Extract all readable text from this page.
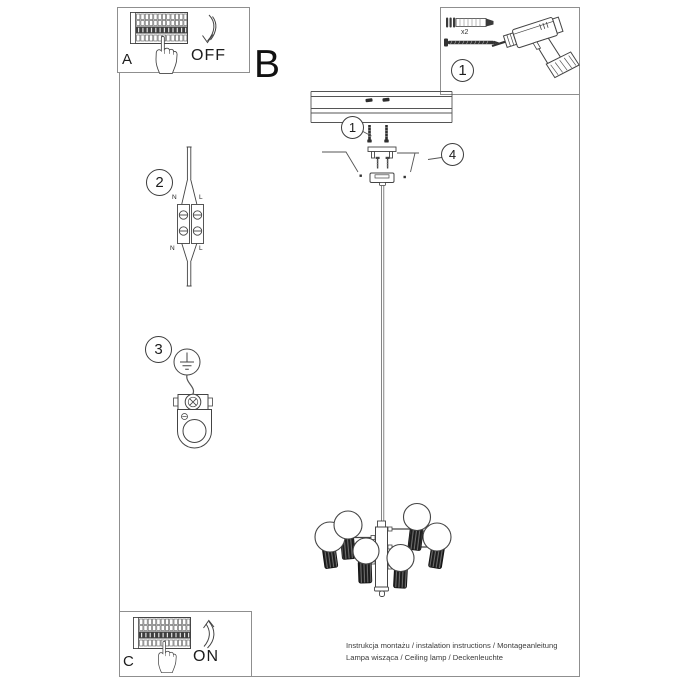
A	OFF B
C	ON
1
x2
1
4
2
3
N	L
N	L
Instrukcja montażu / instalation instructions / Montageanleitung
Lampa wisząca / Ceiling lamp / Deckenleuchte
